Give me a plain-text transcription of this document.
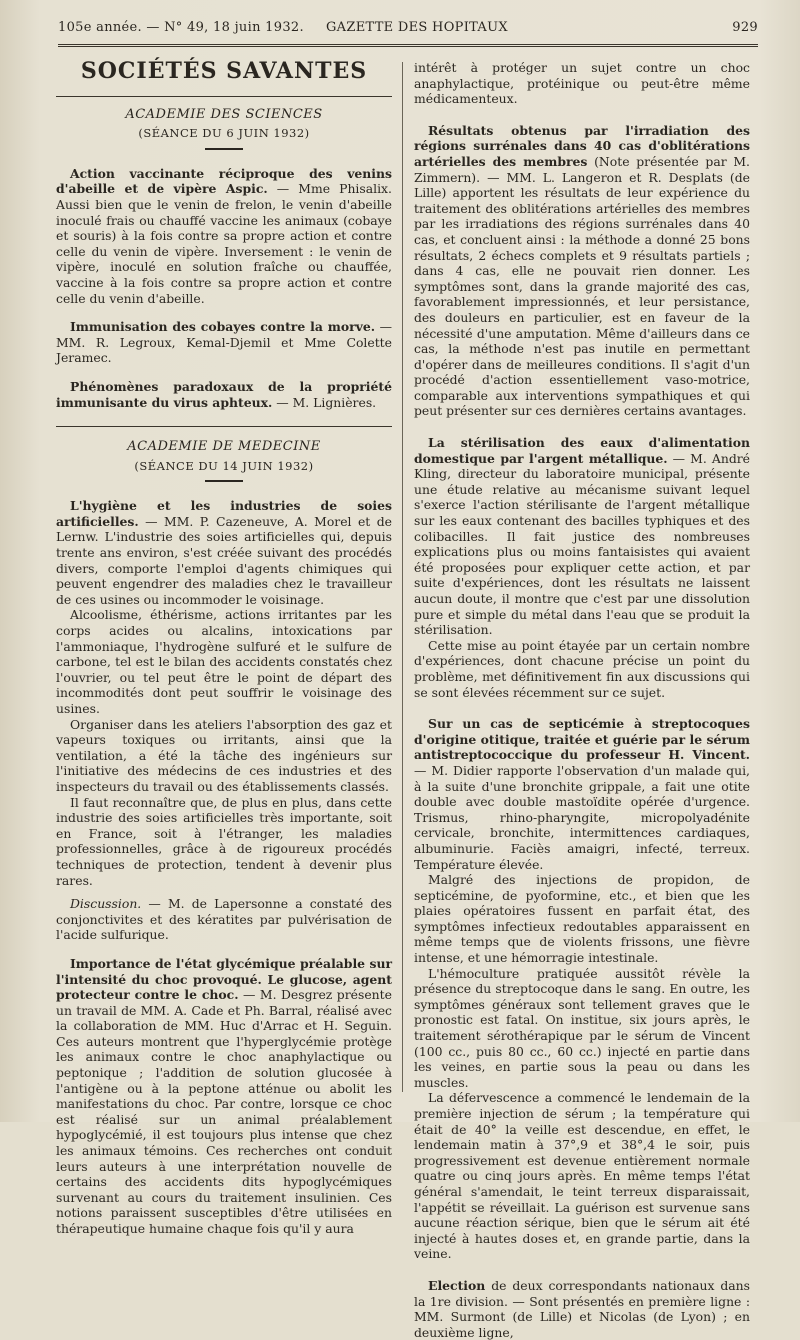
105e année. — N° 49, 18 juin 1932. GAZETTE DES HOPITAUX	929
SOCIÉTÉS SAVANTES
ACADEMIE DES SCIENCES
(SÉANCE DU 6 JUIN 1932)

Action vaccinante réciproque des venins d'abeille et de vipère Aspic. — Mme Phisalix. Aussi bien que le venin de frelon, le venin d'abeille inoculé frais ou chauffé vaccine les animaux (cobaye et souris) à la fois contre sa propre action et contre celle du venin de vipère. Inversement : le venin de vipère, inoculé en solution fraîche ou chauffée, vaccine à la fois contre sa propre action et contre celle du venin d'abeille.

Immunisation des cobayes contre la morve. — MM. R. Legroux, Kemal-Djemil et Mme Colette Jeramec.

Phénomènes paradoxaux de la propriété immunisante du virus aphteux. — M. Lignières.

ACADEMIE DE MEDECINE
(SÉANCE DU 14 JUIN 1932)

L'hygiène et les industries de soies artificielles. — MM. P. Cazeneuve, A. Morel et de Lernw. L'industrie des soies artificielles qui, depuis trente ans environ, s'est créée suivant des procédés divers, comporte l'emploi d'agents chimiques qui peuvent engendrer des maladies chez le travailleur de ces usines ou incommoder le voisinage.

Alcoolisme, éthérisme, actions irritantes par les corps acides ou alcalins, intoxications par l'ammoniaque, l'hydrogène sulfuré et le sulfure de carbone, tel est le bilan des accidents constatés chez l'ouvrier, ou tel peut être le point de départ des incommodités dont peut souffrir le voisinage des usines.

Organiser dans les ateliers l'absorption des gaz et vapeurs toxiques ou irritants, ainsi que la ventilation, a été la tâche des ingénieurs sur l'initiative des médecins de ces industries et des inspecteurs du travail ou des établissements classés.

Il faut reconnaître que, de plus en plus, dans cette industrie des soies artificielles très importante, soit en France, soit à l'étranger, les maladies professionnelles, grâce à de rigoureux procédés techniques de protection, tendent à devenir plus rares.

Discussion. — M. de Lapersonne a constaté des conjonctivites et des kératites par pulvérisation de l'acide sulfurique.

Importance de l'état glycémique préalable sur l'intensité du choc provoqué. Le glucose, agent protecteur contre le choc. — M. Desgrez présente un travail de MM. A. Cade et Ph. Barral, réalisé avec la collaboration de MM. Huc d'Arrac et H. Seguin. Ces auteurs montrent que l'hyperglycémie protège les animaux contre le choc anaphylactique ou peptonique ; l'addition de solution glucosée à l'antigène ou à la peptone atténue ou abolit les manifestations du choc. Par contre, lorsque ce choc est réalisé sur un animal préalablement hypoglycémié, il est toujours plus intense que chez les animaux témoins. Ces recherches ont conduit leurs auteurs à une interprétation nouvelle de certains des accidents dits hypoglycémiques survenant au cours du traitement insulinien. Ces notions paraissent susceptibles d'être utilisées en thérapeutique humaine chaque fois qu'il y aura

intérêt à protéger un sujet contre un choc anaphylactique, protéinique ou peut-être même médicamenteux.

Résultats obtenus par l'irradiation des régions surrénales dans 40 cas d'oblitérations artérielles des membres (Note présentée par M. Zimmern). — MM. L. Langeron et R. Desplats (de Lille) apportent les résultats de leur expérience du traitement des oblitérations artérielles des membres par les irradiations des régions surrénales dans 40 cas, et concluent ainsi : la méthode a donné 25 bons résultats, 2 échecs complets et 9 résultats partiels ; dans 4 cas, elle ne pouvait rien donner. Les symptômes sont, dans la grande majorité des cas, favorablement impressionnés, et leur persistance, des douleurs en particulier, est en faveur de la nécessité d'une amputation. Même d'ailleurs dans ce cas, la méthode n'est pas inutile en permettant d'opérer dans de meilleures conditions. Il s'agit d'un procédé d'action essentiellement vaso-motrice, comparable aux interventions sympathiques et qui peut présenter sur ces dernières certains avantages.

La stérilisation des eaux d'alimentation domestique par l'argent métallique. — M. André Kling, directeur du laboratoire municipal, présente une étude relative au mécanisme suivant lequel s'exerce l'action stérilisante de l'argent métallique sur les eaux contenant des bacilles typhiques et des colibacilles. Il fait justice des nombreuses explications plus ou moins fantaisistes qui avaient été proposées pour expliquer cette action, et par suite d'expériences, dont les résultats ne laissent aucun doute, il montre que c'est par une dissolution pure et simple du métal dans l'eau que se produit la stérilisation.

Cette mise au point étayée par un certain nombre d'expériences, dont chacune précise un point du problème, met définitivement fin aux discussions qui se sont élevées récemment sur ce sujet.

Sur un cas de septicémie à streptocoques d'origine otitique, traitée et guérie par le sérum antistreptococcique du professeur H. Vincent. — M. Didier rapporte l'observation d'un malade qui, à la suite d'une bronchite grippale, a fait une otite double avec double mastoïdite opérée d'urgence. Trismus, rhino-pharyngite, micropolyadénite cervicale, bronchite, intermittences cardiaques, albuminurie. Faciès amaigri, infecté, terreux. Température élevée.

Malgré des injections de propidon, de septicémine, de pyoformine, etc., et bien que les plaies opératoires fussent en parfait état, des symptômes infectieux redoutables apparaissent en même temps que de violents frissons, une fièvre intense, et une hémorragie intestinale.

L'hémoculture pratiquée aussitôt révèle la présence du streptocoque dans le sang. En outre, les symptômes généraux sont tellement graves que le pronostic est fatal. On institue, six jours après, le traitement sérothérapique par le sérum de Vincent (100 cc., puis 80 cc., 60 cc.) injecté en partie dans les veines, en partie sous la peau ou dans les muscles.

La défervescence a commencé le lendemain de la première injection de sérum ; la température qui était de 40° la veille est descendue, en effet, le lendemain matin à 37°,9 et 38°,4 le soir, puis progressivement est devenue entièrement normale quatre ou cinq jours après. En même temps l'état général s'amendait, le teint terreux disparaissait, l'appétit se réveillait. La guérison est survenue sans aucune réaction sérique, bien que le sérum ait été injecté à hautes doses et, en grande partie, dans la veine.

Election de deux correspondants nationaux dans la 1re division. — Sont présentés en première ligne : MM. Surmont (de Lille) et Nicolas (de Lyon) ; en deuxième ligne,
